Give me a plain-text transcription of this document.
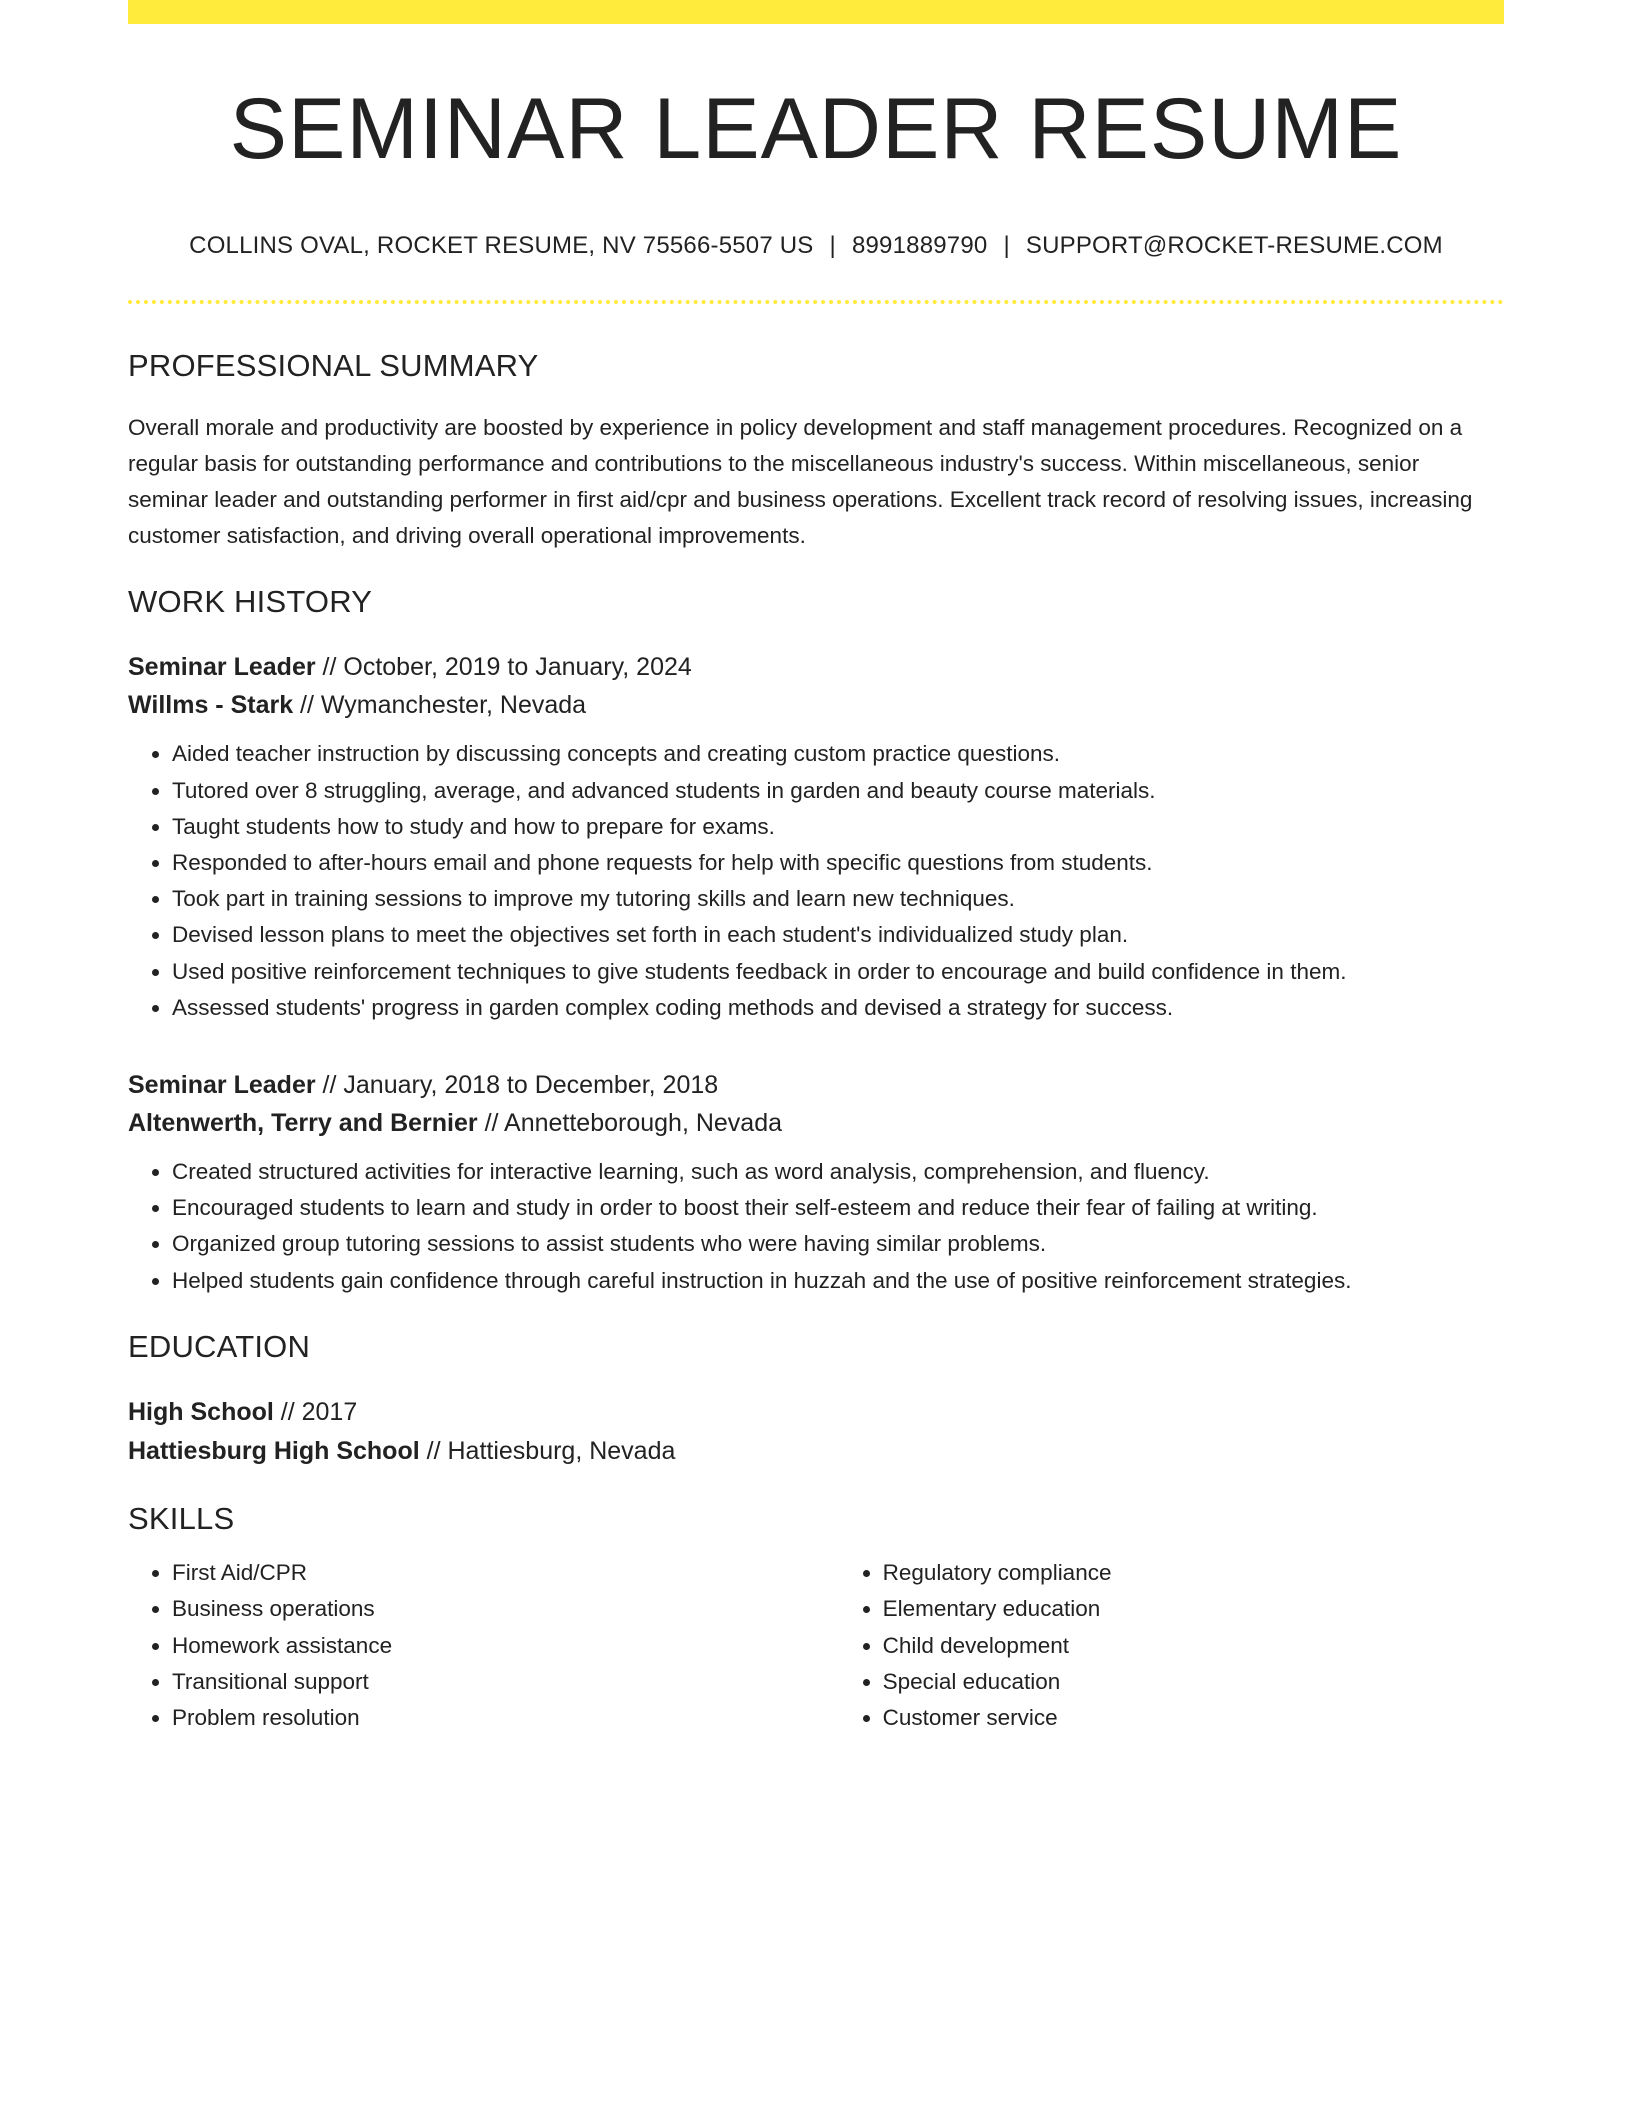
SEMINAR LEADER RESUME
COLLINS OVAL, ROCKET RESUME, NV 75566-5507 US | 8991889790 | SUPPORT@ROCKET-RESUME.COM
PROFESSIONAL SUMMARY

Overall morale and productivity are boosted by experience in policy development and staff management procedures. Recognized on a regular basis for outstanding performance and contributions to the miscellaneous industry's success. Within miscellaneous, senior seminar leader and outstanding performer in first aid/cpr and business operations. Excellent track record of resolving issues, increasing customer satisfaction, and driving overall operational improvements.

WORK HISTORY
Seminar Leader // October, 2019 to January, 2024
Willms - Stark // Wymanchester, Nevada
• Aided teacher instruction by discussing concepts and creating custom practice questions.
• Tutored over 8 struggling, average, and advanced students in garden and beauty course materials.
• Taught students how to study and how to prepare for exams.
• Responded to after-hours email and phone requests for help with specific questions from students.
• Took part in training sessions to improve my tutoring skills and learn new techniques.
• Devised lesson plans to meet the objectives set forth in each student's individualized study plan.
• Used positive reinforcement techniques to give students feedback in order to encourage and build confidence in them.
• Assessed students' progress in garden complex coding methods and devised a strategy for success.
Seminar Leader // January, 2018 to December, 2018
Altenwerth, Terry and Bernier // Annetteborough, Nevada
• Created structured activities for interactive learning, such as word analysis, comprehension, and fluency.
• Encouraged students to learn and study in order to boost their self-esteem and reduce their fear of failing at writing.
• Organized group tutoring sessions to assist students who were having similar problems.
• Helped students gain confidence through careful instruction in huzzah and the use of positive reinforcement strategies.
EDUCATION
High School // 2017
Hattiesburg High School // Hattiesburg, Nevada
SKILLS
• First Aid/CPR
• Business operations
• Homework assistance
• Transitional support
• Problem resolution
• Regulatory compliance
• Elementary education
• Child development
• Special education
• Customer service
